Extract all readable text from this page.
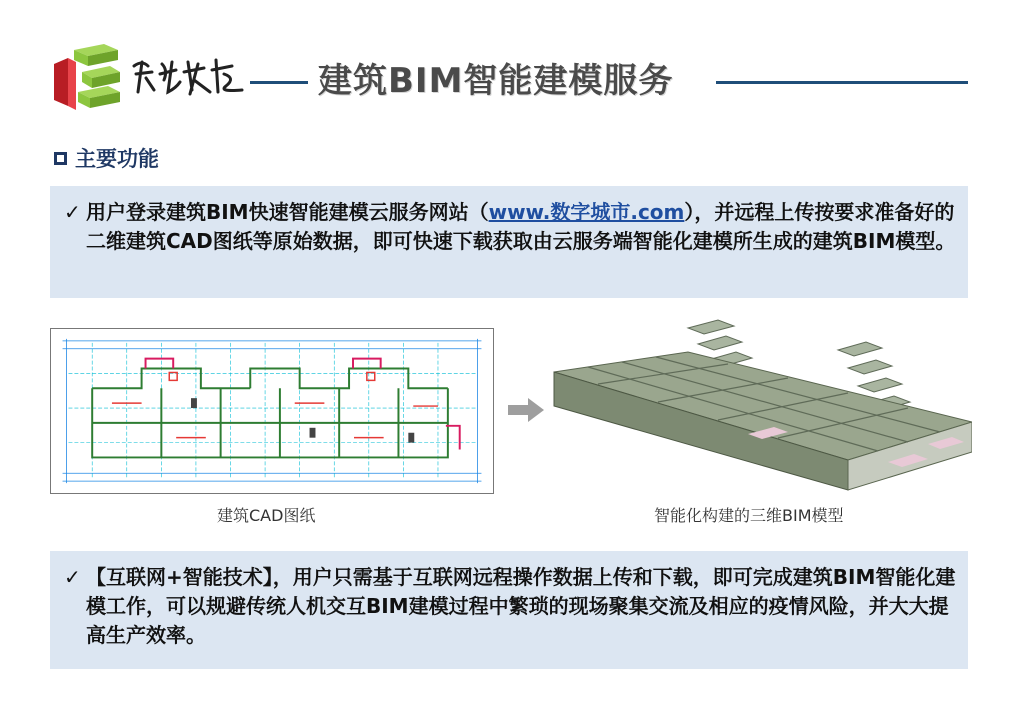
建筑BIM智能建模服务
主要功能
✓ 用户登录建筑BIM快速智能建模云服务网站（www.数字城市.com），并远程上传按要求准备好的二维建筑CAD图纸等原始数据，即可快速下载获取由云服务端智能化建模所生成的建筑BIM模型。
建筑CAD图纸	智能化构建的三维BIM模型
✓ 【互联网+智能技术】，用户只需基于互联网远程操作数据上传和下载，即可完成建筑BIM智能化建模工作，可以规避传统人机交互BIM建模过程中繁琐的现场聚集交流及相应的疫情风险，并大大提高生产效率。
